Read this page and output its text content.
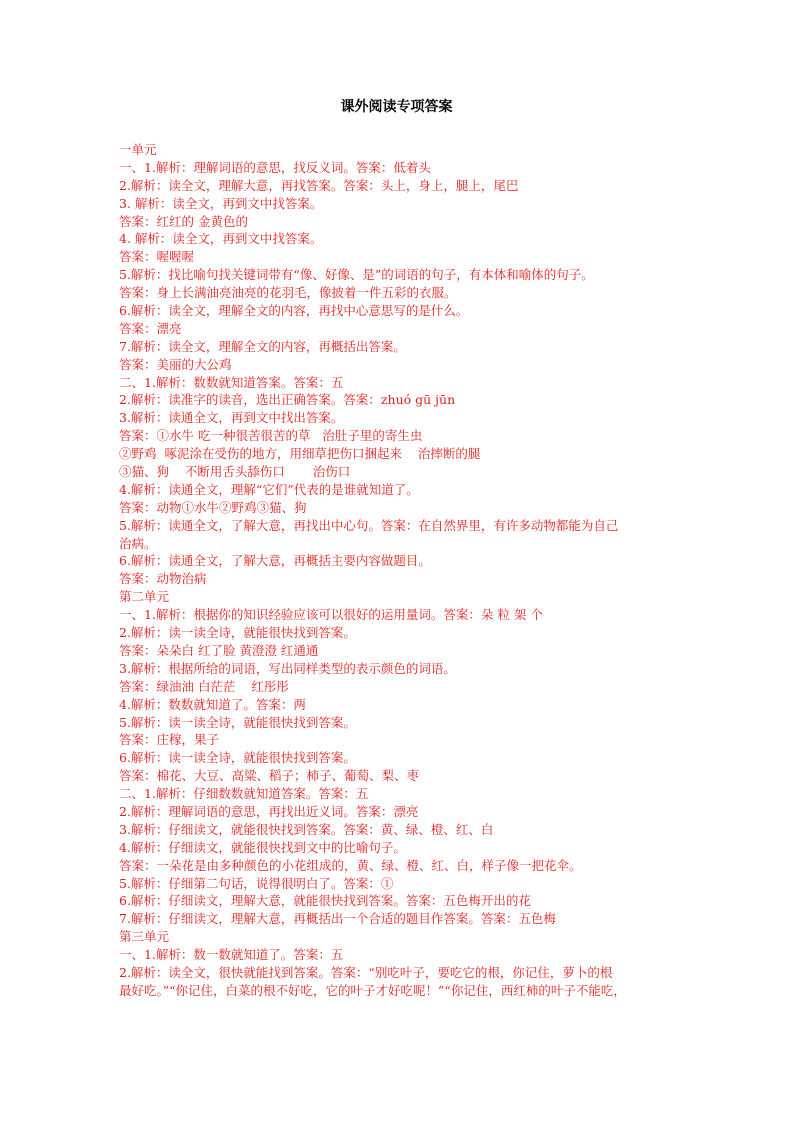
课外阅读专项答案
一单元
一、1.解析：理解词语的意思，找反义词。答案：低着头
2.解析：读全文，理解大意，再找答案。答案：头上，身上，腿上，尾巴
3. 解析：读全文，再到文中找答案。
答案：红红的 金黄色的
4. 解析：读全文，再到文中找答案。
答案：喔喔喔
5.解析：找比喻句找关键词带有“像、好像、是”的词语的句子，有本体和喻体的句子。
答案：身上长满油亮油亮的花羽毛，像披着一件五彩的衣服。
6.解析：读全文，理解全文的内容，再找中心意思写的是什么。
答案：漂亮
7.解析：读全文，理解全文的内容，再概括出答案。
答案：美丽的大公鸡
二、1.解析：数数就知道答案。答案：五
2.解析：读准字的读音，选出正确答案。答案：zhuó gū jūn
3.解析：读通全文，再到文中找出答案。
答案：①水牛 吃一种很苦很苦的草   治肚子里的寄生虫
②野鸡  啄泥涂在受伤的地方，用细草把伤口捆起来    治摔断的腿
③猫、狗    不断用舌头舔伤口       治伤口
4.解析：读通全文，理解“它们”代表的是谁就知道了。
答案：动物①水牛②野鸡③猫、狗
5.解析：读通全文，了解大意，再找出中心句。答案：在自然界里，有许多动物都能为自己
治病。
6.解析：读通全文，了解大意，再概括主要内容做题目。
答案：动物治病
第二单元
一、1.解析：根据你的知识经验应该可以很好的运用量词。答案：朵 粒 架 个
2.解析：读一读全诗，就能很快找到答案。
答案：朵朵白 红了脸 黄澄澄 红通通
3.解析：根据所给的词语，写出同样类型的表示颜色的词语。
答案：绿油油 白茫茫    红彤彤
4.解析：数数就知道了。答案：两
5.解析：读一读全诗，就能很快找到答案。
答案：庄稼，果子
6.解析：读一读全诗，就能很快找到答案。
答案：棉花、大豆、高粱、稻子；柿子、葡萄、梨、枣
二、1.解析：仔细数数就知道答案。答案：五
2.解析：理解词语的意思，再找出近义词。答案：漂亮
3.解析：仔细读文，就能很快找到答案。答案：黄、绿、橙、红、白
4.解析：仔细读文，就能很快找到文中的比喻句子。
答案：一朵花是由多种颜色的小花组成的，黄、绿、橙、红、白，样子像一把花伞。
5.解析：仔细第二句话，说得很明白了。答案：①
6.解析：仔细读文，理解大意，就能很快找到答案。答案：五色梅开出的花
7.解析：仔细读文，理解大意，再概括出一个合适的题目作答案。答案：五色梅
第三单元
一、1.解析：数一数就知道了。答案：五
2.解析：读全文，很快就能找到答案。答案：“别吃叶子，要吃它的根，你记住，萝卜的根
最好吃。”“你记住，白菜的根不好吃，它的叶子才好吃呢！”“你记住，西红柿的叶子不能吃，
